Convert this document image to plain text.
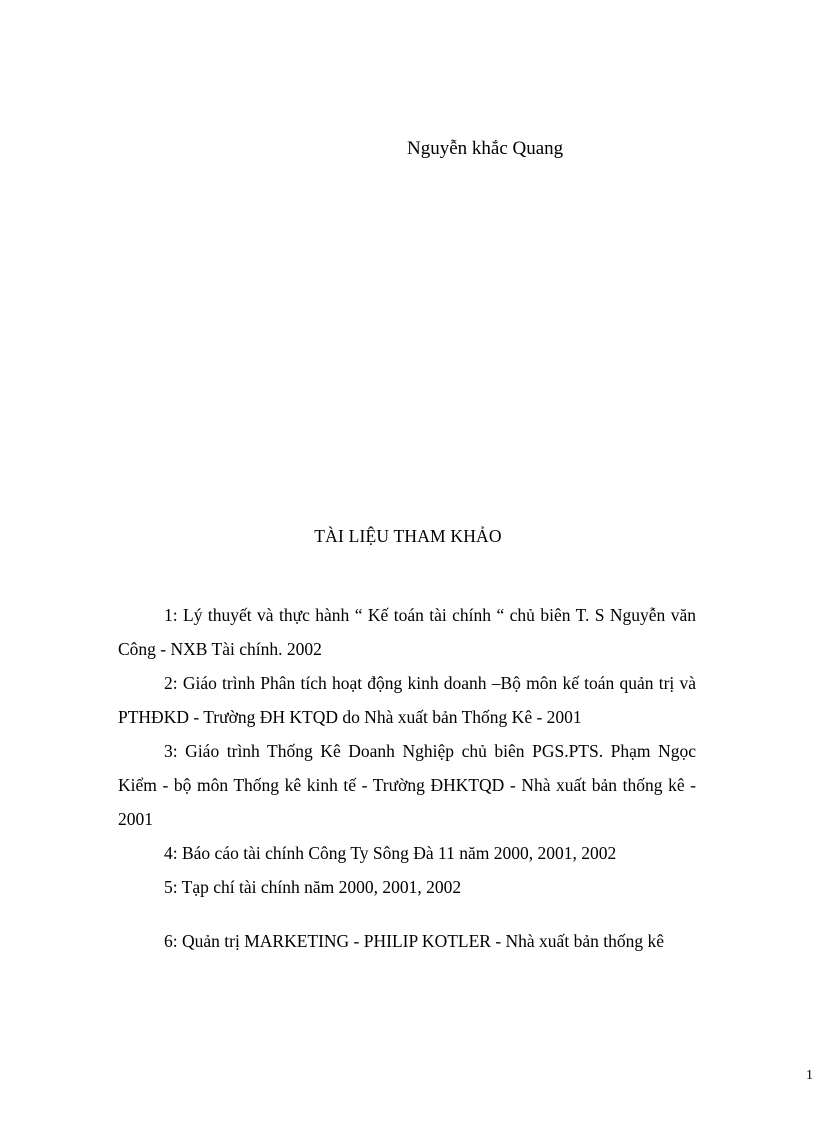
Nguyễn khắc Quang
TÀI LIỆU THAM KHẢO

1: Lý thuyết và thực hành “ Kế toán tài chính “ chủ biên T. S Nguyễn văn Công - NXB Tài chính. 2002

2: Giáo trình Phân tích hoạt động kinh doanh –Bộ môn kế toán quản trị và PTHĐKD - Trường ĐH KTQD do Nhà xuất bản Thống Kê - 2001

3: Giáo trình Thống Kê Doanh Nghiệp chủ biên PGS.PTS. Phạm Ngọc Kiểm - bộ môn Thống kê kinh tế - Trường ĐHKTQD - Nhà xuất bản thống kê - 2001

4: Báo cáo tài chính Công Ty Sông Đà 11 năm 2000, 2001, 2002

5: Tạp chí tài chính năm 2000, 2001, 2002

6: Quản trị MARKETING - PHILIP KOTLER - Nhà xuất bản thống kê

1
